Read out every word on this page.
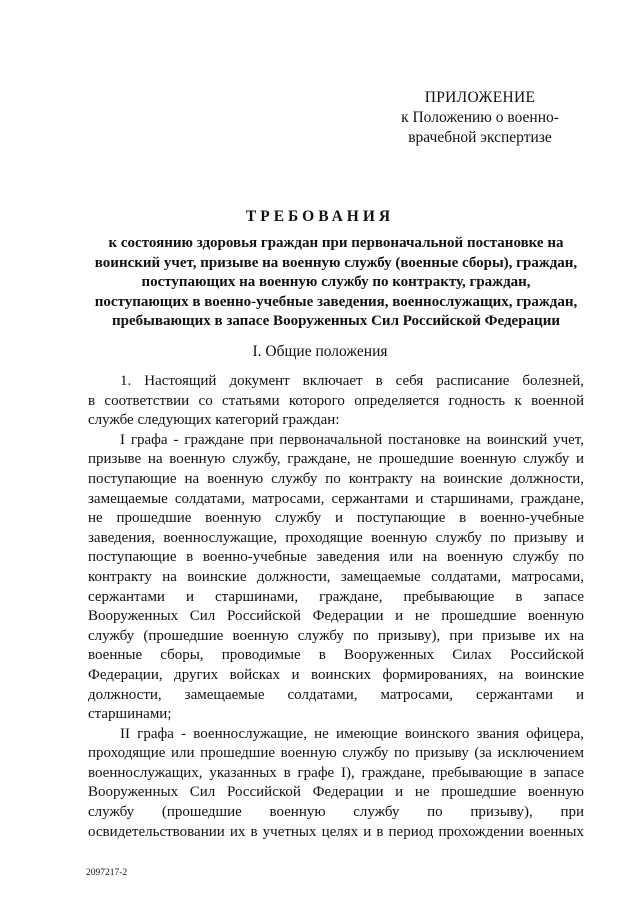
ПРИЛОЖЕНИЕ
к Положению о военно-
врачебной экспертизе
ТРЕБОВАНИЯ
к состоянию здоровья граждан при первоначальной постановке на
воинский учет, призыве на военную службу (военные сборы), граждан,
поступающих на военную службу по контракту, граждан,
поступающих в военно-учебные заведения, военнослужащих, граждан,
пребывающих в запасе Вооруженных Сил Российской Федерации
I. Общие положения
1. Настоящий документ включает в себя расписание болезней,
в соответствии со статьями которого определяется годность к военной
службе следующих категорий граждан:
I графа - граждане при первоначальной постановке на воинский учет,
призыве на военную службу, граждане, не прошедшие военную службу и
поступающие на военную службу по контракту на воинские должности,
замещаемые солдатами, матросами, сержантами и старшинами, граждане,
не прошедшие военную службу и поступающие в военно-учебные
заведения, военнослужащие, проходящие военную службу по призыву и
поступающие в военно-учебные заведения или на военную службу по
контракту на воинские должности, замещаемые солдатами, матросами,
сержантами и старшинами, граждане, пребывающие в запасе
Вооруженных Сил Российской Федерации и не прошедшие военную
службу (прошедшие военную службу по призыву), при призыве их на
военные сборы, проводимые в Вооруженных Силах Российской
Федерации, других войсках и воинских формированиях, на воинские
должности, замещаемые солдатами, матросами, сержантами и
старшинами;
II графа - военнослужащие, не имеющие воинского звания офицера,
проходящие или прошедшие военную службу по призыву (за исключением
военнослужащих, указанных в графе I), граждане, пребывающие в запасе
Вооруженных Сил Российской Федерации и не прошедшие военную
службу (прошедшие военную службу по призыву), при
освидетельствовании их в учетных целях и в период прохождении военных
2097217-2
